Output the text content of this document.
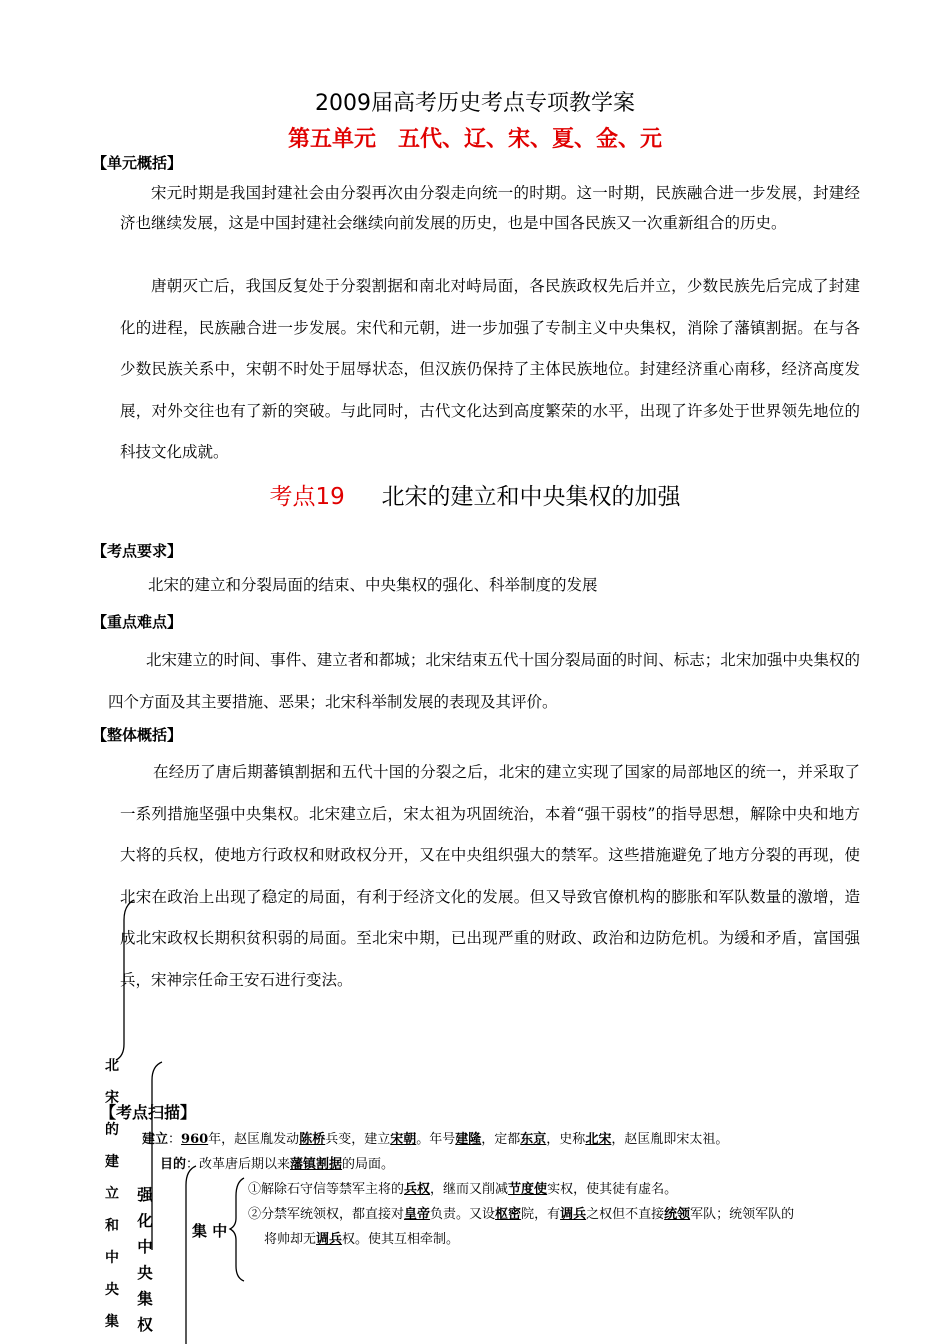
2009届高考历史考点专项教学案
第五单元　五代、辽、宋、夏、金、元
【单元概括】

宋元时期是我国封建社会由分裂再次由分裂走向统一的时期。这一时期，民族融合进一步发展，封建经济也继续发展，这是中国封建社会继续向前发展的历史，也是中国各民族又一次重新组合的历史。

唐朝灭亡后，我国反复处于分裂割据和南北对峙局面，各民族政权先后并立，少数民族先后完成了封建化的进程，民族融合进一步发展。宋代和元朝，进一步加强了专制主义中央集权，消除了藩镇割据。在与各少数民族关系中，宋朝不时处于屈辱状态，但汉族仍保持了主体民族地位。封建经济重心南移，经济高度发展，对外交往也有了新的突破。与此同时，古代文化达到高度繁荣的水平，出现了许多处于世界领先地位的科技文化成就。

考点19 北宋的建立和中央集权的加强
【考点要求】
北宋的建立和分裂局面的结束、中央集权的强化、科举制度的发展
【重点难点】

北宋建立的时间、事件、建立者和都城；北宋结束五代十国分裂局面的时间、标志；北宋加强中央集权的四个方面及其主要措施、恶果；北宋科举制发展的表现及其评价。

【整体概括】

在经历了唐后期蕃镇割据和五代十国的分裂之后，北宋的建立实现了国家的局部地区的统一，并采取了一系列措施坚强中央集权。北宋建立后，宋太祖为巩固统治，本着“强干弱枝”的指导思想，解除中央和地方大将的兵权，使地方行政权和财政权分开，又在中央组织强大的禁军。这些措施避免了地方分裂的再现，使北宋在政治上出现了稳定的局面，有利于经济文化的发展。但又导致官僚机构的膨胀和军队数量的激增，造成北宋政权长期积贫积弱的局面。至北宋中期，已出现严重的财政、政治和边防危机。为缓和矛盾，富国强兵，宋神宗任命王安石进行变法。

北
宋
的
建
立
和
中
央
集
强
化
中
央
集
权
集 中
【考点扫描】
建立：960年，赵匡胤发动陈桥兵变，建立宋朝。年号建隆，定都东京，史称北宋，赵匡胤即宋太祖。
目的：改革唐后期以来藩镇割据的局面。
①解除石守信等禁军主将的兵权，继而又削减节度使实权，使其徒有虚名。
②分禁军统领权，都直接对皇帝负责。又设枢密院，有调兵之权但不直接统领军队；统领军队的
将帅却无调兵权。使其互相牵制。
